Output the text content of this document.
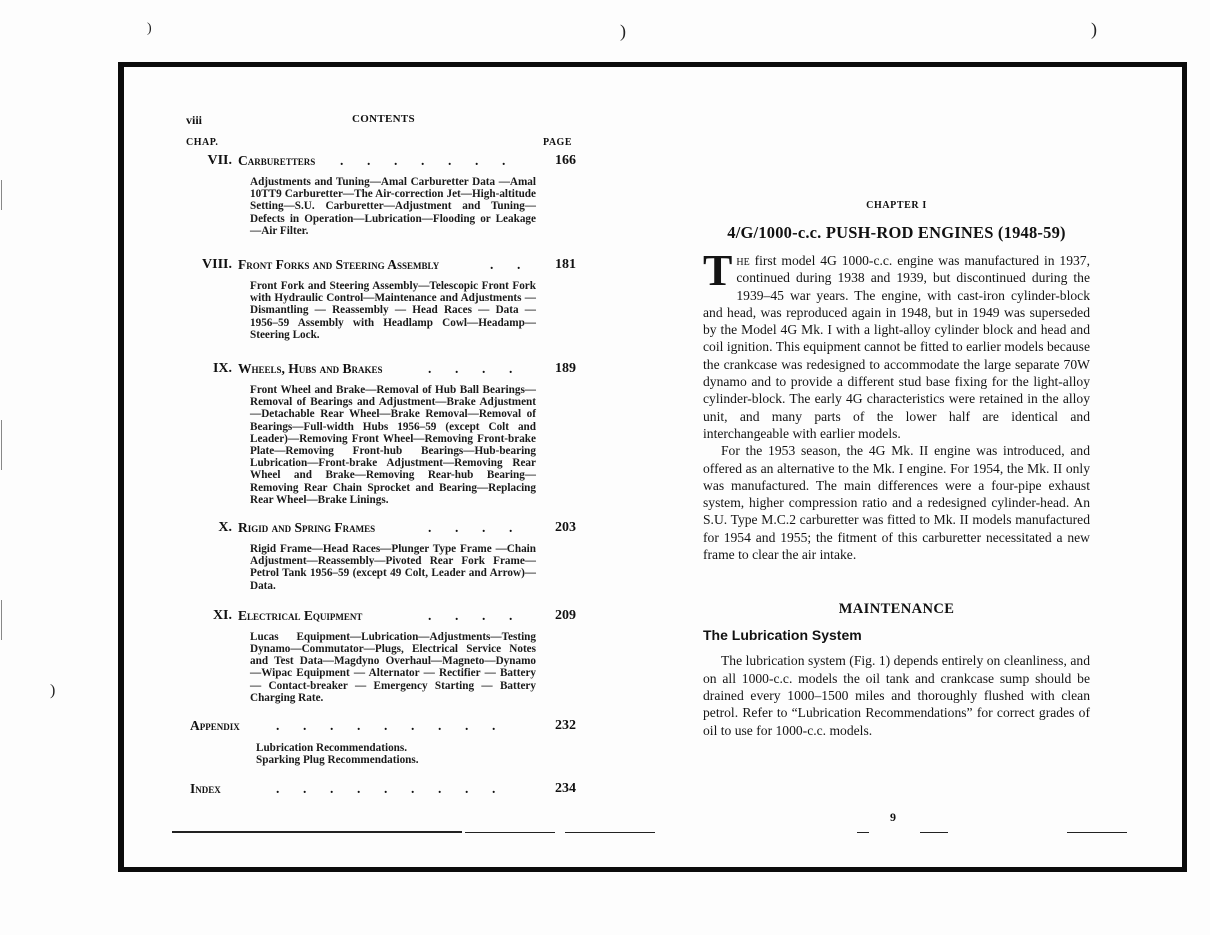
)	)	)
)
viii	CONTENTS
CHAP.	PAGE
VII. Carburetters .       .       .       .       .       .       .	166
Adjustments and Tuning—Amal Carburetter Data —Amal 10TT9 Carburetter—The Air-correction Jet—High-altitude Setting—S.U. Carburetter—Adjustment and Tuning—Defects in Operation—Lubrication—Flooding or Leakage—Air Filter.
VIII. Front Forks and Steering Assembly	.       . 181
Front Fork and Steering Assembly—Telescopic Front Fork with Hydraulic Control—Maintenance and Adjustments — Dismantling — Reassembly — Head Races — Data — 1956–59 Assembly with Headlamp Cowl—Headamp—Steering Lock.
IX. Wheels, Hubs and Brakes	.       .       .       .	189
Front Wheel and Brake—Removal of Hub Ball Bearings—Removal of Bearings and Adjustment—Brake Adjustment—Detachable Rear Wheel—Brake Removal—Removal of Bearings—Full-width Hubs 1956–59 (except Colt and Leader)—Removing Front Wheel—Removing Front-brake Plate—Removing Front-hub Bearings—Hub-bearing Lubrication—Front-brake Adjustment—Removing Rear Wheel and Brake—Removing Rear-hub Bearing—Removing Rear Chain Sprocket and Bearing—Replacing Rear Wheel—Brake Linings.
X. Rigid and Spring Frames	.       .       .       .	203
Rigid Frame—Head Races—Plunger Type Frame —Chain Adjustment—Reassembly—Pivoted Rear Fork Frame—Petrol Tank 1956–59 (except 49 Colt, Leader and Arrow)—Data.
XI. Electrical Equipment	.       .       .       .	209
Lucas Equipment—Lubrication—Adjustments—Testing Dynamo—Commutator—Plugs, Electrical Service Notes and Test Data—Magdyno Overhaul—Magneto—Dynamo—Wipac Equipment — Alternator — Rectifier — Battery — Contact-breaker — Emergency Starting — Battery Charging Rate.
Appendix	.       .       .       .       .       .       .       .       .	232
Lubrication Recommendations.
Sparking Plug Recommendations.
Index	.       .       .       .       .       .       .       .       .	234
CHAPTER I
4/G/1000-c.c. PUSH-ROD ENGINES (1948-59)

The first model 4G 1000-c.c. engine was manufactured in 1937, continued during 1938 and 1939, but discontinued during the 1939–45 war years. The engine, with cast-iron cylinder-block and head, was reproduced again in 1948, but in 1949 was superseded by the Model 4G Mk. I with a light-alloy cylinder block and head and coil ignition. This equipment cannot be fitted to earlier models because the crankcase was redesigned to accommodate the large separate 70W dynamo and to provide a different stud base fixing for the light-alloy cylinder-block. The early 4G characteristics were retained in the alloy unit, and many parts of the lower half are identical and interchangeable with earlier models.

For the 1953 season, the 4G Mk. II engine was introduced, and offered as an alternative to the Mk. I engine. For 1954, the Mk. II only was manufactured. The main differences were a four-pipe exhaust system, higher compression ratio and a redesigned cylinder-head. An S.U. Type M.C.2 carburetter was fitted to Mk. II models manufactured for 1954 and 1955; the fitment of this carburetter necessitated a new frame to clear the air intake.

MAINTENANCE
The Lubrication System

The lubrication system (Fig. 1) depends entirely on cleanliness, and on all 1000-c.c. models the oil tank and crankcase sump should be drained every 1000–1500 miles and thoroughly flushed with clean petrol. Refer to “Lubrication Recommendations” for correct grades of oil to use for 1000-c.c. models.

9
